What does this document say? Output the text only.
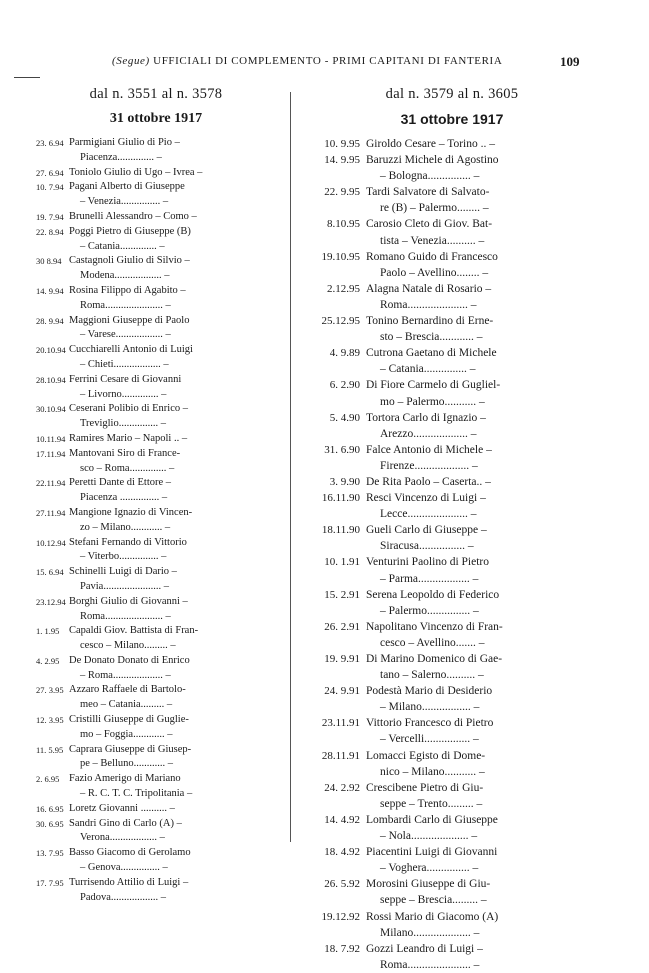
(Segue) UFFICIALI DI COMPLEMENTO - PRIMI CAPITANI DI FANTERIA	109
dal n. 3551 al n. 3578
31 ottobre 1917
23. 6.94 Parmigiani Giulio di Pio –
Piacenza.............. –
27. 6.94 Toniolo Giulio di Ugo – Ivrea –
10. 7.94 Pagani Alberto di Giuseppe
– Venezia............... –
19. 7.94 Brunelli Alessandro – Como –
22. 8.94 Poggi Pietro di Giuseppe (B)
– Catania.............. –
30 8.94 Castagnoli Giulio di Silvio –
Modena.................. –
14. 9.94 Rosina Filippo di Agabito –
Roma...................... –
28. 9.94 Maggioni Giuseppe di Paolo
– Varese.................. –
20.10.94 Cucchiarelli Antonio di Luigi
– Chieti.................. –
28.10.94 Ferrini Cesare di Giovanni
– Livorno.............. –
30.10.94 Ceserani Polibio di Enrico –
Treviglio............... –
10.11.94 Ramires Mario – Napoli .. –
17.11.94 Mantovani Siro di France-
sco – Roma.............. –
22.11.94 Peretti Dante di Ettore –
Piacenza ............... –
27.11.94 Mangione Ignazio di Vincen-
zo – Milano............ –
10.12.94 Stefani Fernando di Vittorio
– Viterbo............... –
15. 6.94 Schinelli Luigi di Dario –
Pavia...................... –
23.12.94 Borghi Giulio di Giovanni –
Roma...................... –
1. 1.95 Capaldi Giov. Battista di Fran-
cesco – Milano......... –
4. 2.95 De Donato Donato di Enrico
– Roma................... –
27. 3.95 Azzaro Raffaele di Bartolo-
meo – Catania......... –
12. 3.95 Cristilli Giuseppe di Guglie-
mo – Foggia............ –
11. 5.95 Caprara Giuseppe di Giusep-
pe – Belluno............ –
2. 6.95 Fazio Amerigo di Mariano
– R. C. T. C. Tripolitania –
16. 6.95 Loretz Giovanni .......... –
30. 6.95 Sandri Gino di Carlo (A) –
Verona.................. –
13. 7.95 Basso Giacomo di Gerolamo
– Genova............... –
17. 7.95 Turrisendo Attilio di Luigi –
Padova.................. –
dal n. 3579 al n. 3605
31 ottobre 1917
10. 9.95 Giroldo Cesare – Torino .. –
14. 9.95 Baruzzi Michele di Agostino
– Bologna............... –
22. 9.95 Tardi Salvatore di Salvato-
re (B) – Palermo........ –
8.10.95 Carosio Cleto di Giov. Bat-
tista – Venezia.......... –
19.10.95 Romano Guido di Francesco
Paolo – Avellino........ –
2.12.95 Alagna Natale di Rosario –
Roma..................... –
25.12.95 Tonino Bernardino di Erne-
sto – Brescia............ –
4. 9.89 Cutrona Gaetano di Michele
– Catania............... –
6. 2.90 Di Fiore Carmelo di Gugliel-
mo – Palermo........... –
5. 4.90 Tortora Carlo di Ignazio –
Arezzo................... –
31. 6.90 Falce Antonio di Michele –
Firenze................... –
3. 9.90 De Rita Paolo – Caserta.. –
16.11.90 Resci Vincenzo di Luigi –
Lecce..................... –
18.11.90 Gueli Carlo di Giuseppe –
Siracusa................ –
10. 1.91 Venturini Paolino di Pietro
– Parma.................. –
15. 2.91 Serena Leopoldo di Federico
– Palermo............... –
26. 2.91 Napolitano Vincenzo di Fran-
cesco – Avellino....... –
19. 9.91 Di Marino Domenico di Gae-
tano – Salerno.......... –
24. 9.91 Podestà Mario di Desiderio
– Milano................. –
23.11.91 Vittorio Francesco di Pietro
– Vercelli................ –
28.11.91 Lomacci Egisto di Dome-
nico – Milano........... –
24. 2.92 Crescibene Pietro di Giu-
seppe – Trento......... –
14. 4.92 Lombardi Carlo di Giuseppe
– Nola.................... –
18. 4.92 Piacentini Luigi di Giovanni
– Voghera............... –
26. 5.92 Morosini Giuseppe di Giu-
seppe – Brescia......... –
19.12.92 Rossi Mario di Giacomo (A)
Milano.................... –
18. 7.92 Gozzi Leandro di Luigi –
Roma...................... –
